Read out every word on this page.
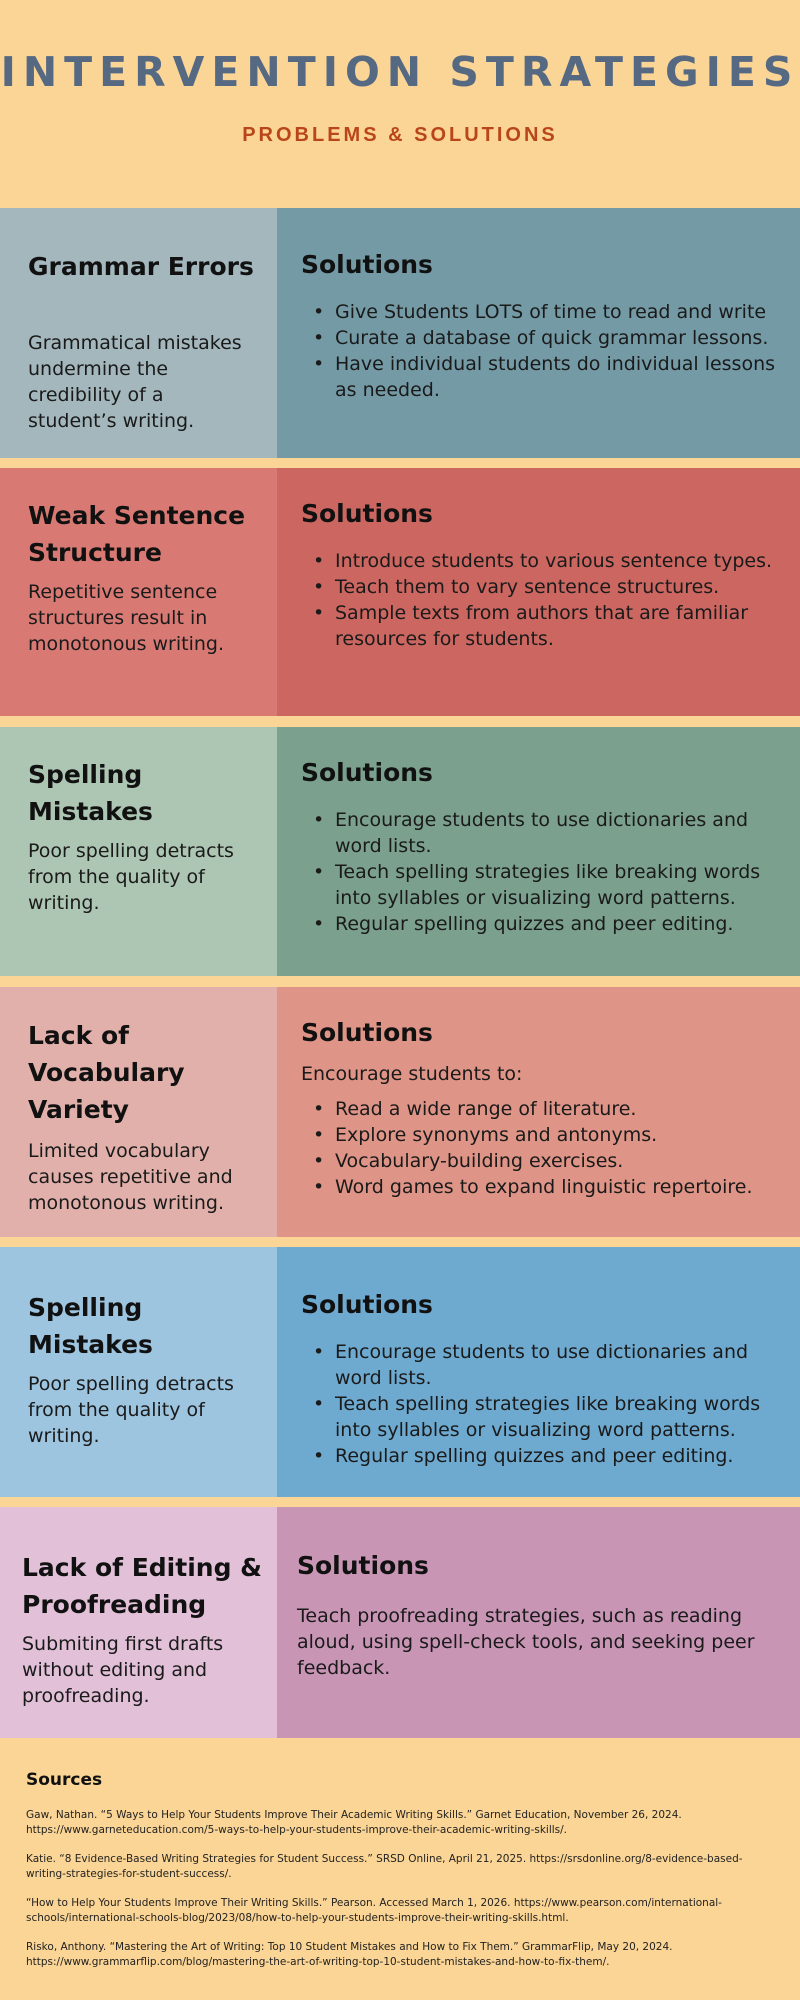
INTERVENTION STRATEGIES
PROBLEMS & SOLUTIONS
Grammar Errors
Grammatical mistakes undermine the credibility of a student’s writing.
Solutions
• Give Students LOTS of time to read and write
• Curate a database of quick grammar lessons.
• Have individual students do individual lessons as needed.
Weak Sentence Structure
Repetitive sentence structures result in monotonous writing.
Solutions
• Introduce students to various sentence types.
• Teach them to vary sentence structures.
• Sample texts from authors that are familiar resources for students.
Spelling Mistakes
Poor spelling detracts from the quality of writing.
Solutions
• Encourage students to use dictionaries and word lists.
• Teach spelling strategies like breaking words into syllables or visualizing word patterns.
• Regular spelling quizzes and peer editing.
Lack of Vocabulary Variety
Limited vocabulary causes repetitive and monotonous writing.
Solutions
Encourage students to:
• Read a wide range of literature.
• Explore synonyms and antonyms.
• Vocabulary-building exercises.
• Word games to expand linguistic repertoire.
Spelling Mistakes
Poor spelling detracts from the quality of writing.
Solutions
• Encourage students to use dictionaries and word lists.
• Teach spelling strategies like breaking words into syllables or visualizing word patterns.
• Regular spelling quizzes and peer editing.
Lack of Editing & Proofreading
Submiting first drafts without editing and proofreading.
Solutions
Teach proofreading strategies, such as reading aloud, using spell-check tools, and seeking peer feedback.
Sources
Gaw, Nathan. “5 Ways to Help Your Students Improve Their Academic Writing Skills.” Garnet Education, November 26, 2024. https://www.garneteducation.com/5-ways-to-help-your-students-improve-their-academic-writing-skills/.
Katie. “8 Evidence-Based Writing Strategies for Student Success.” SRSD Online, April 21, 2025. https://srsdonline.org/8-evidence-based-writing-strategies-for-student-success/.
“How to Help Your Students Improve Their Writing Skills.” Pearson. Accessed March 1, 2026. https://www.pearson.com/international-schools/international-schools-blog/2023/08/how-to-help-your-students-improve-their-writing-skills.html.
Risko, Anthony. “Mastering the Art of Writing: Top 10 Student Mistakes and How to Fix Them.” GrammarFlip, May 20, 2024. https://www.grammarflip.com/blog/mastering-the-art-of-writing-top-10-student-mistakes-and-how-to-fix-them/.
